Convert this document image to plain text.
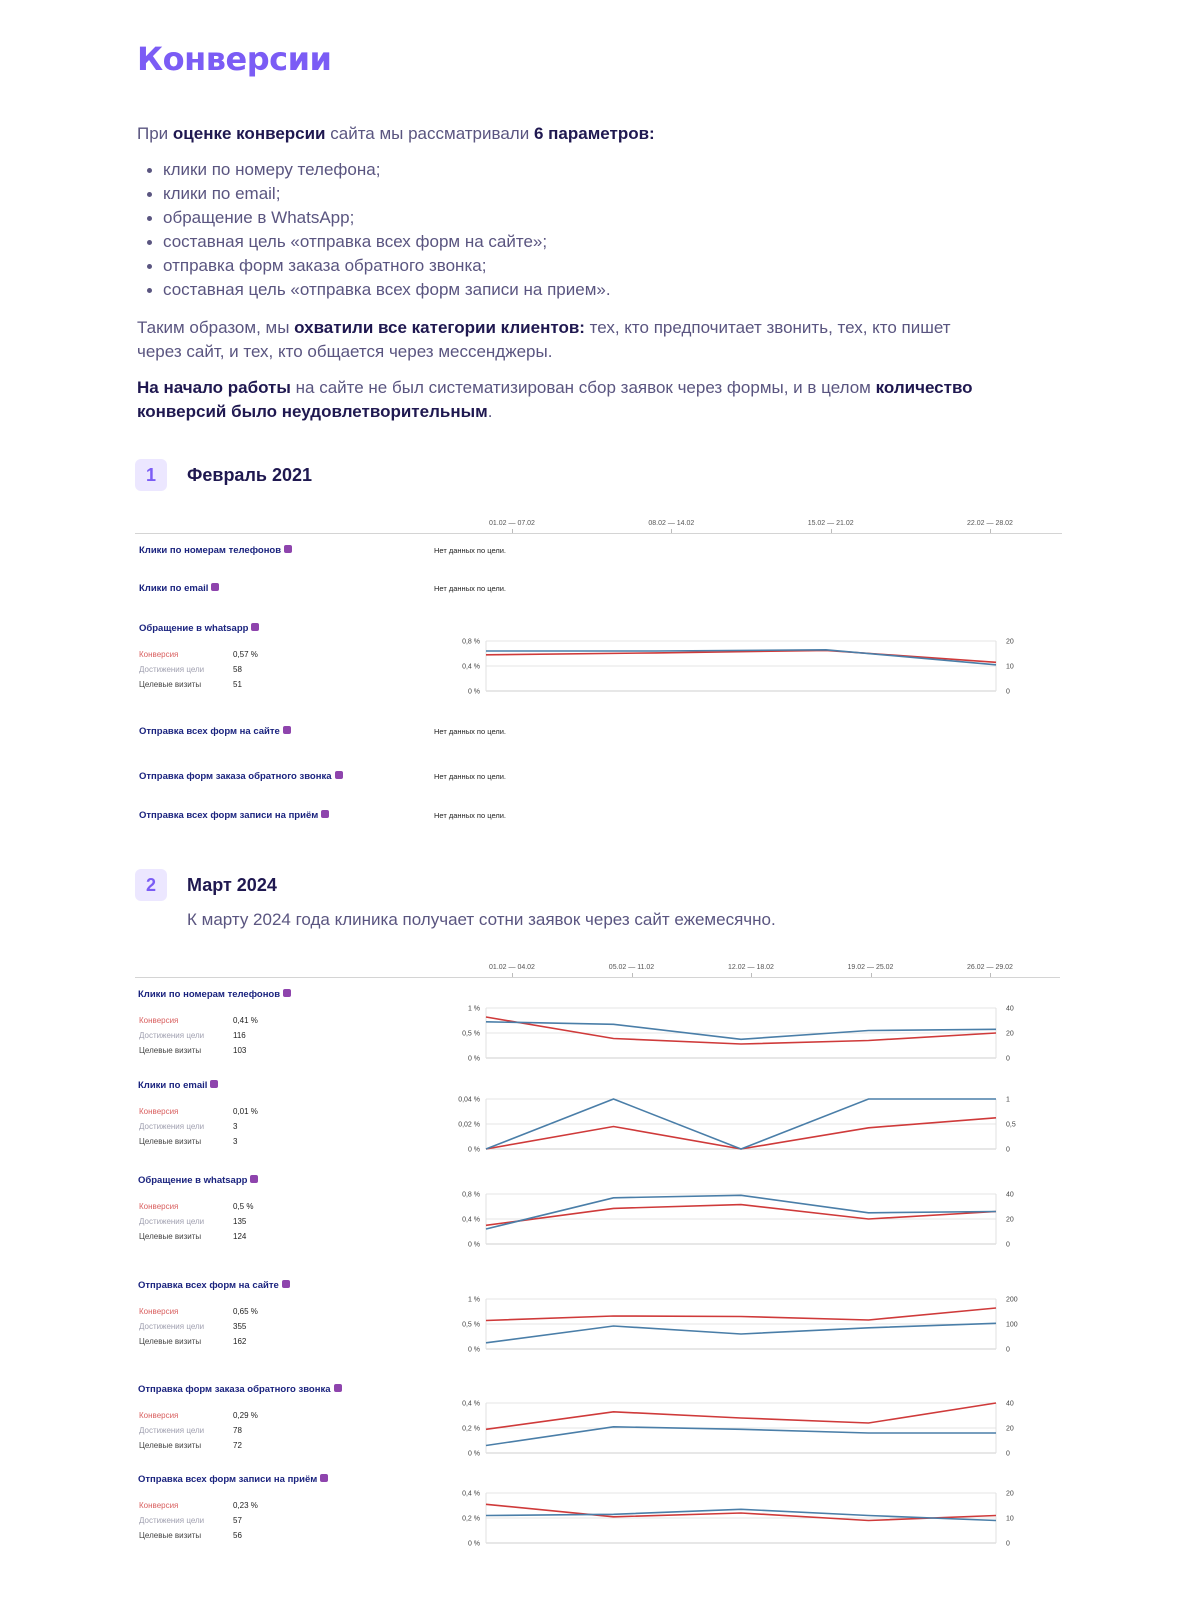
Конверсии
При оценке конверсии сайта мы рассматривали 6 параметров:
клики по номеру телефона;
клики по email;
обращение в WhatsApp;
составная цель «отправка всех форм на сайте»;
отправка форм заказа обратного звонка;
составная цель «отправка всех форм записи на прием».
Таким образом, мы охватили все категории клиентов: тех, кто предпочитает звонить, тех, кто пишет через сайт, и тех, кто общается через мессенджеры.
На начало работы на сайте не был систематизирован сбор заявок через формы, и в целом количество конверсий было неудовлетворительным.
1	Февраль 2021
01.02 — 07.02	08.02 — 14.02	15.02 — 21.02	22.02 — 28.02
Клики по номерам телефонов	Нет данных по цели.
Клики по email	Нет данных по цели.
Обращение в whatsapp
Конверсия	0,57 %
Достижения цели	58
Целевые визиты	51
0 %	0
0,4 %	10
0,8 %	20
Отправка всех форм на сайте	Нет данных по цели.
Отправка форм заказа обратного звонка	Нет данных по цели.
Отправка всех форм записи на приём	Нет данных по цели.
2	Март 2024
К марту 2024 года клиника получает сотни заявок через сайт ежемесячно.
01.02 — 04.02	05.02 — 11.02	12.02 — 18.02	19.02 — 25.02	26.02 — 29.02
Клики по номерам телефонов
Конверсия	0,41 %
Достижения цели	116
Целевые визиты	103
0 %	0
0,5 %	20
1 %	40
Клики по email
Конверсия	0,01 %
Достижения цели	3
Целевые визиты	3
0 %	0
0,02 %	0,5
0,04 %	1
Обращение в whatsapp
Конверсия	0,5 %
Достижения цели	135
Целевые визиты	124
0 %	0
0,4 %	20
0,8 %	40
Отправка всех форм на сайте
Конверсия	0,65 %
Достижения цели	355
Целевые визиты	162
0 %	0
0,5 %	100
1 %	200
Отправка форм заказа обратного звонка
Конверсия	0,29 %
Достижения цели	78
Целевые визиты	72
0 %	0
0,2 %	20
0,4 %	40
Отправка всех форм записи на приём
Конверсия	0,23 %
Достижения цели	57
Целевые визиты	56
0 %	0
0,2 %	10
0,4 %	20
